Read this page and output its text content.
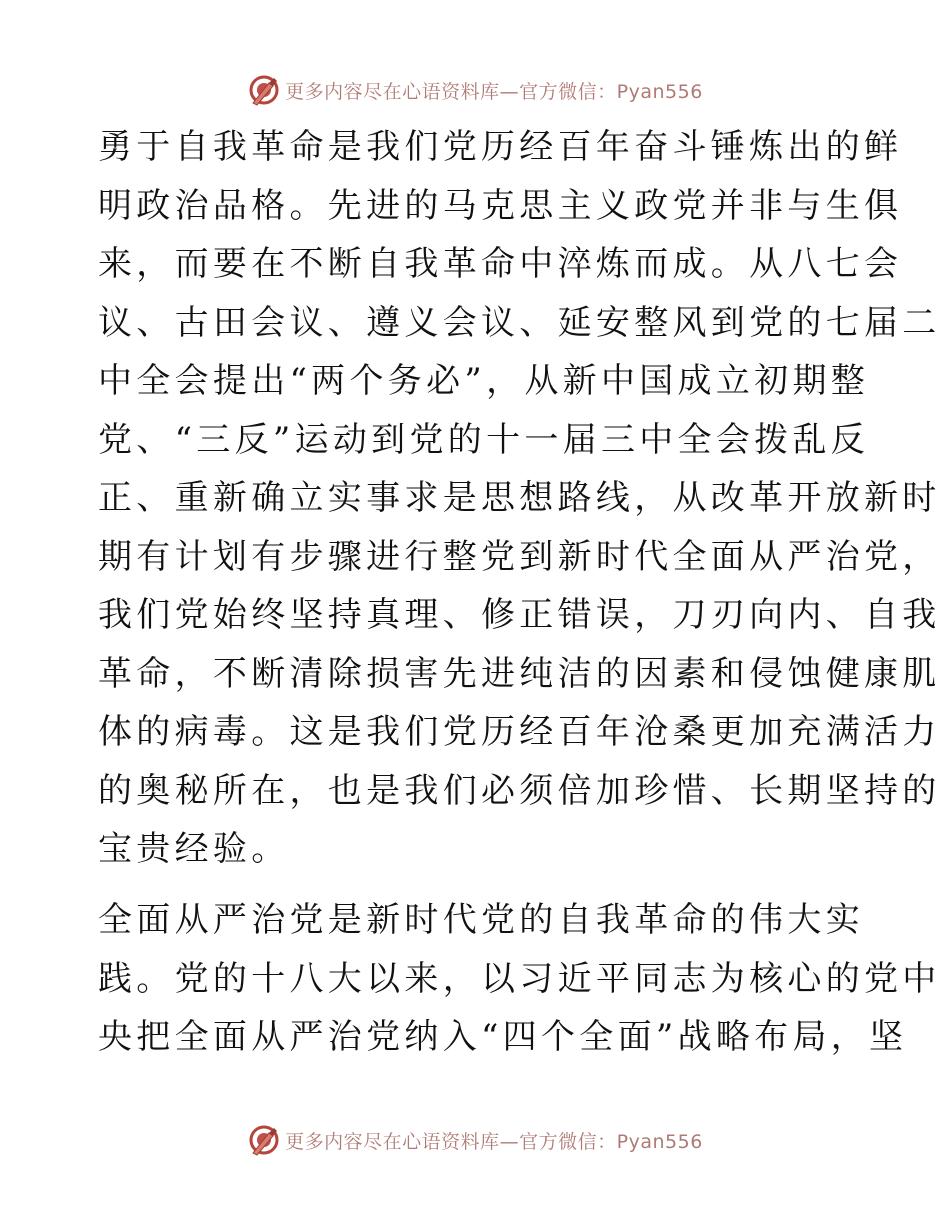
更多内容尽在心语资料库—官方微信：Pyan556
勇于自我革命是我们党历经百年奋斗锤炼出的鲜
明政治品格。先进的马克思主义政党并非与生俱
来，而要在不断自我革命中淬炼而成。从八七会
议、古田会议、遵义会议、延安整风到党的七届二
中全会提出“两个务必”，从新中国成立初期整
党、“三反”运动到党的十一届三中全会拨乱反
正、重新确立实事求是思想路线，从改革开放新时
期有计划有步骤进行整党到新时代全面从严治党，
我们党始终坚持真理、修正错误，刀刃向内、自我
革命，不断清除损害先进纯洁的因素和侵蚀健康肌
体的病毒。这是我们党历经百年沧桑更加充满活力
的奥秘所在，也是我们必须倍加珍惜、长期坚持的
宝贵经验。
全面从严治党是新时代党的自我革命的伟大实
践。党的十八大以来，以习近平同志为核心的党中
央把全面从严治党纳入“四个全面”战略布局，坚
更多内容尽在心语资料库—官方微信：Pyan556
